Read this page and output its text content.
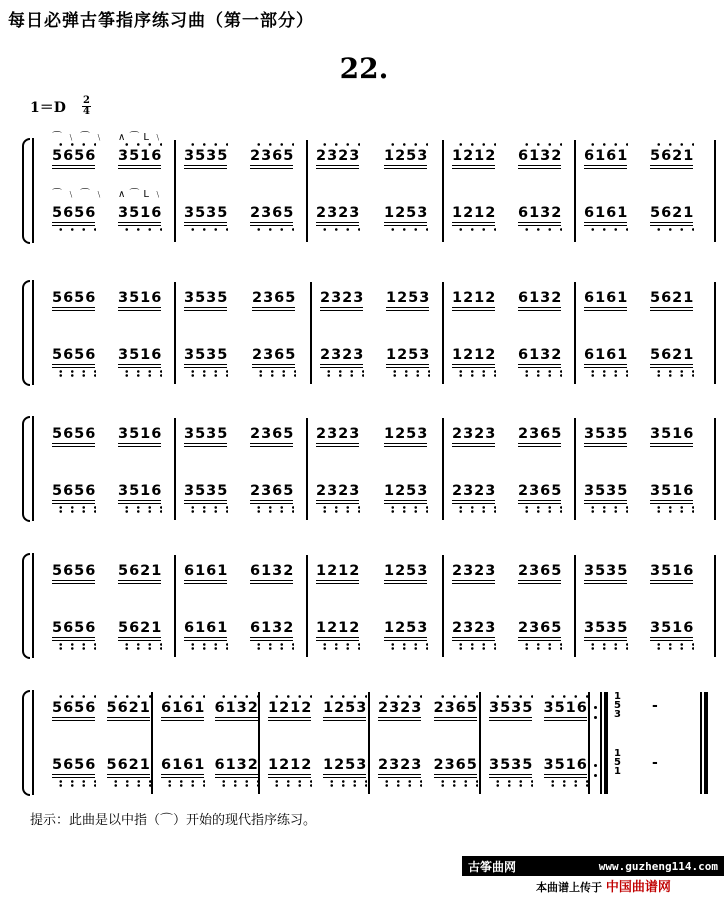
每日必弹古筝指序练习曲（第一部分）
22.
1＝D 2
4
5656
⌒﹨⌒﹨
3516
∧⌒L﹨
3535 2365 2323 1253 1212 6132 6161 5621
5656
⌒﹨⌒﹨
3516
∧⌒L﹨
3535 2365 2323 1253 1212 6132 6161 5621
5656 3516 3535 2365 2323 1253 1212 6132 6161 5621
5656 3516 3535 2365 2323 1253 1212 6132 6161 5621
5656 3516 3535 2365 2323 1253 2323 2365 3535 3516
5656 3516 3535 2365 2323 1253 2323 2365 3535 3516
5656 5621 6161 6132 1212 1253 2323 2365 3535 3516
5656 5621 6161 6132 1212 1253 2323 2365 3535 3516
5656 5621 6161 6132 1212 1253 2323 2365 3535 3516
5656 5621 6161 6132 1212 1253 2323 2365 3535 3516
1
5
3
-
1
5
1
-
提示：此曲是以中指（⌒）开始的现代指序练习。
古筝曲网	www.guzheng114.com
本曲谱上传于 中国曲谱网
